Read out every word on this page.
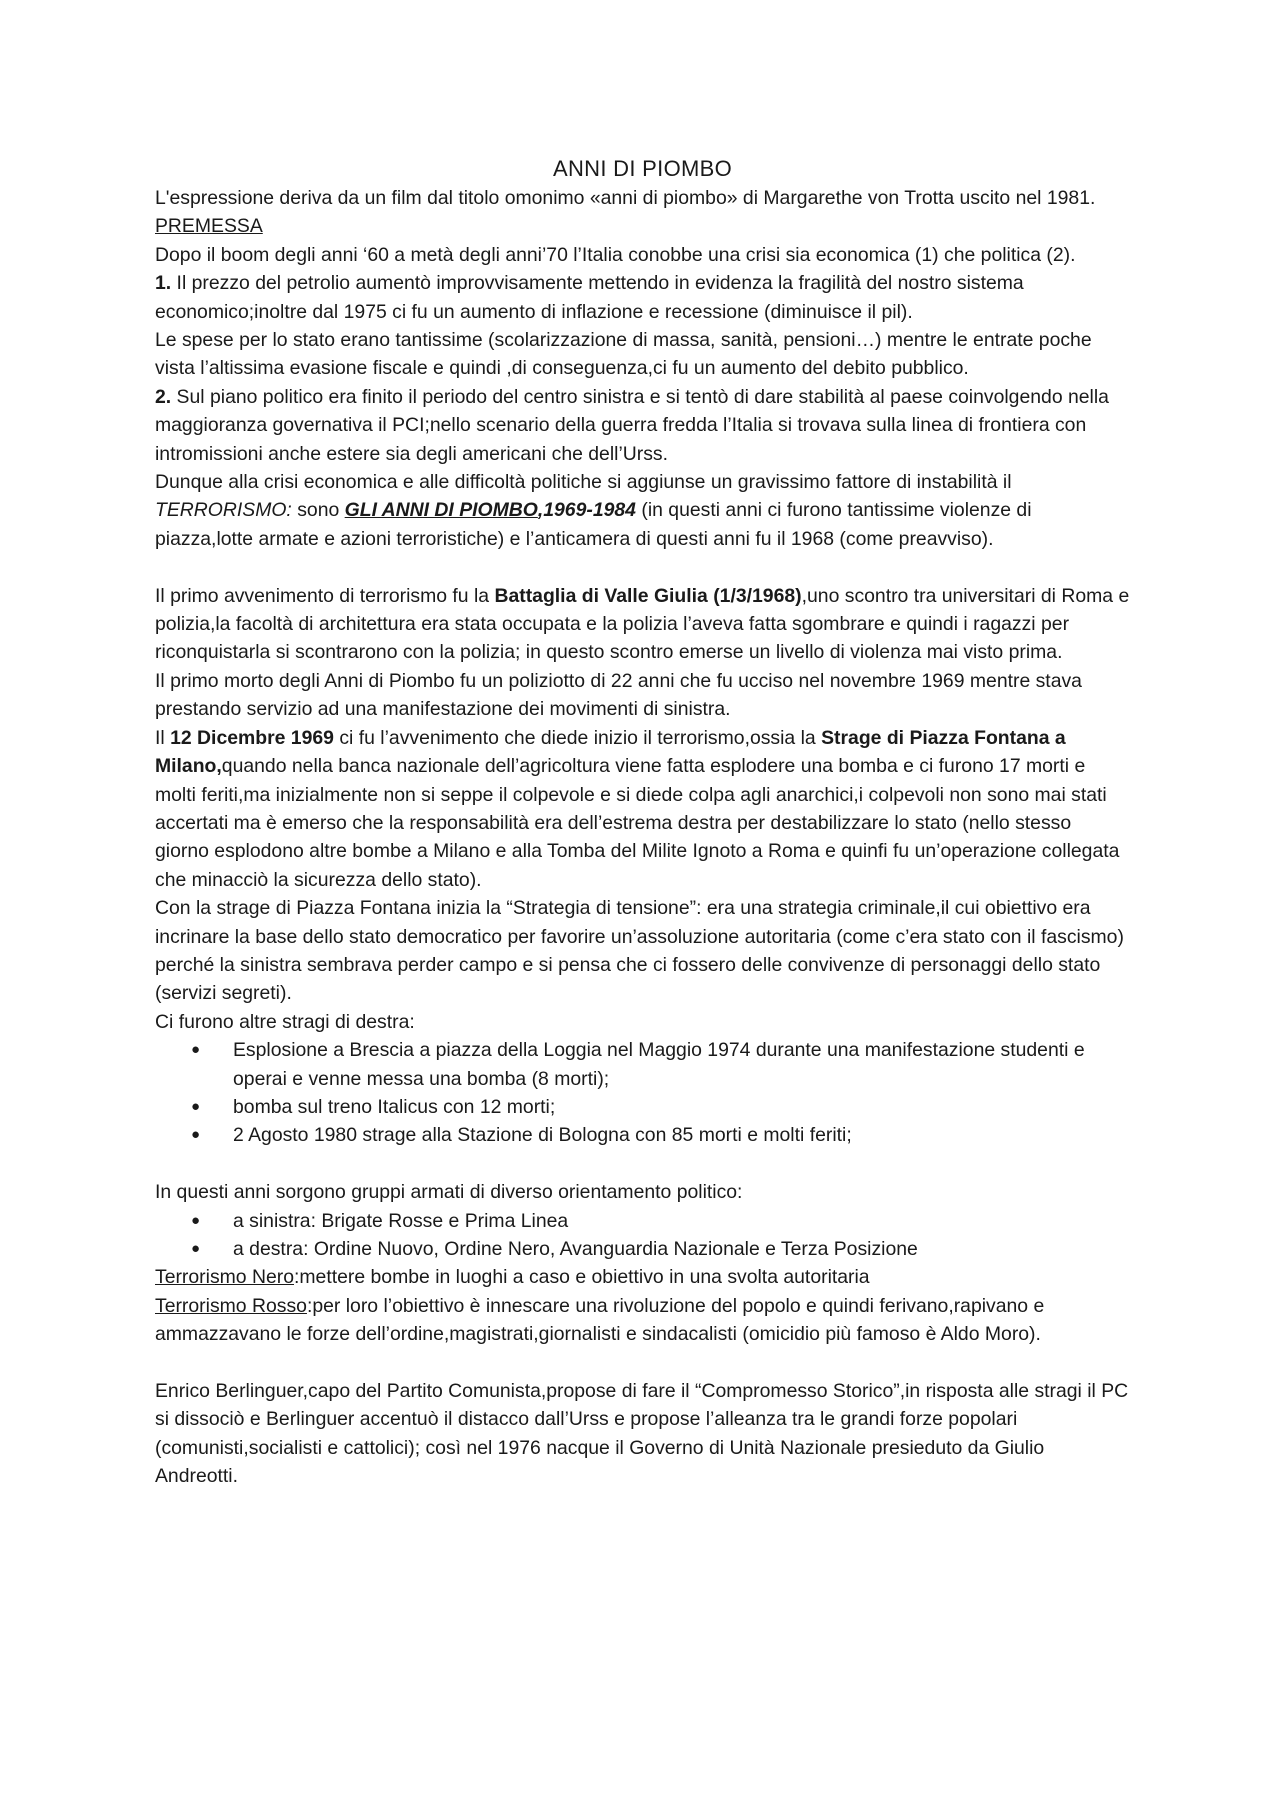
ANNI DI PIOMBO

L'espressione deriva da un film dal titolo omonimo «anni di piombo» di Margarethe von Trotta uscito nel 1981.

PREMESSA

Dopo il boom degli anni ‘60 a metà degli anni’70 l’Italia conobbe una crisi sia economica (1) che politica (2).

1. Il prezzo del petrolio aumentò improvvisamente mettendo in evidenza la fragilità del nostro sistema economico;inoltre dal 1975 ci fu un aumento di inflazione e recessione (diminuisce il pil).

Le spese per lo stato erano tantissime (scolarizzazione di massa, sanità, pensioni…) mentre le entrate poche vista l’altissima evasione fiscale e quindi ,di conseguenza,ci fu un aumento del debito pubblico.

2. Sul piano politico era finito il periodo del centro sinistra e si tentò di dare stabilità al paese coinvolgendo nella maggioranza governativa il PCI;nello scenario della guerra fredda l’Italia si trovava sulla linea di frontiera con intromissioni anche estere sia degli americani che dell’Urss.

Dunque alla crisi economica e alle difficoltà politiche si aggiunse un gravissimo fattore di instabilità il TERRORISMO: sono GLI ANNI DI PIOMBO,1969-1984 (in questi anni ci furono tantissime violenze di piazza,lotte armate e azioni terroristiche) e l’anticamera di questi anni fu il 1968 (come preavviso).

Il primo avvenimento di terrorismo fu la Battaglia di Valle Giulia (1/3/1968),uno scontro tra universitari di Roma e polizia,la facoltà di architettura era stata occupata e la polizia l’aveva fatta sgombrare e quindi i ragazzi per riconquistarla si scontrarono con la polizia; in questo scontro emerse un livello di violenza mai visto prima.

Il primo morto degli Anni di Piombo fu un poliziotto di 22 anni che fu ucciso nel novembre 1969 mentre stava prestando servizio ad una manifestazione dei movimenti di sinistra.

Il 12 Dicembre 1969 ci fu l’avvenimento che diede inizio il terrorismo,ossia la Strage di Piazza Fontana a Milano,quando nella banca nazionale dell’agricoltura viene fatta esplodere una bomba e ci furono 17 morti e molti feriti,ma inizialmente non si seppe il colpevole e si diede colpa agli anarchici,i colpevoli non sono mai stati accertati ma è emerso che la responsabilità era dell’estrema destra per destabilizzare lo stato (nello stesso giorno esplodono altre bombe a Milano e alla Tomba del Milite Ignoto a Roma e quinfi fu un’operazione collegata che minacciò la sicurezza dello stato).

Con la strage di Piazza Fontana inizia la “Strategia di tensione”: era una strategia criminale,il cui obiettivo era incrinare la base dello stato democratico per favorire un’assoluzione autoritaria (come c’era stato con il fascismo) perché la sinistra sembrava perder campo e si pensa che ci fossero delle convivenze di personaggi dello stato (servizi segreti).

Ci furono altre stragi di destra:

● Esplosione a Brescia a piazza della Loggia nel Maggio 1974 durante una manifestazione studenti e operai e venne messa una bomba (8 morti);
● bomba sul treno Italicus con 12 morti;
● 2 Agosto 1980 strage alla Stazione di Bologna con 85 morti e molti feriti;

In questi anni sorgono gruppi armati di diverso orientamento politico:

● a sinistra: Brigate Rosse e Prima Linea
● a destra: Ordine Nuovo, Ordine Nero, Avanguardia Nazionale e Terza Posizione

Terrorismo Nero:mettere bombe in luoghi a caso e obiettivo in una svolta autoritaria

Terrorismo Rosso:per loro l’obiettivo è innescare una rivoluzione del popolo e quindi ferivano,rapivano e ammazzavano le forze dell’ordine,magistrati,giornalisti e sindacalisti (omicidio più famoso è Aldo Moro).

Enrico Berlinguer,capo del Partito Comunista,propose di fare il “Compromesso Storico”,in risposta alle stragi il PC si dissociò e Berlinguer accentuò il distacco dall’Urss e propose l’alleanza tra le grandi forze popolari (comunisti,socialisti e cattolici); così nel 1976 nacque il Governo di Unità Nazionale presieduto da Giulio Andreotti.
